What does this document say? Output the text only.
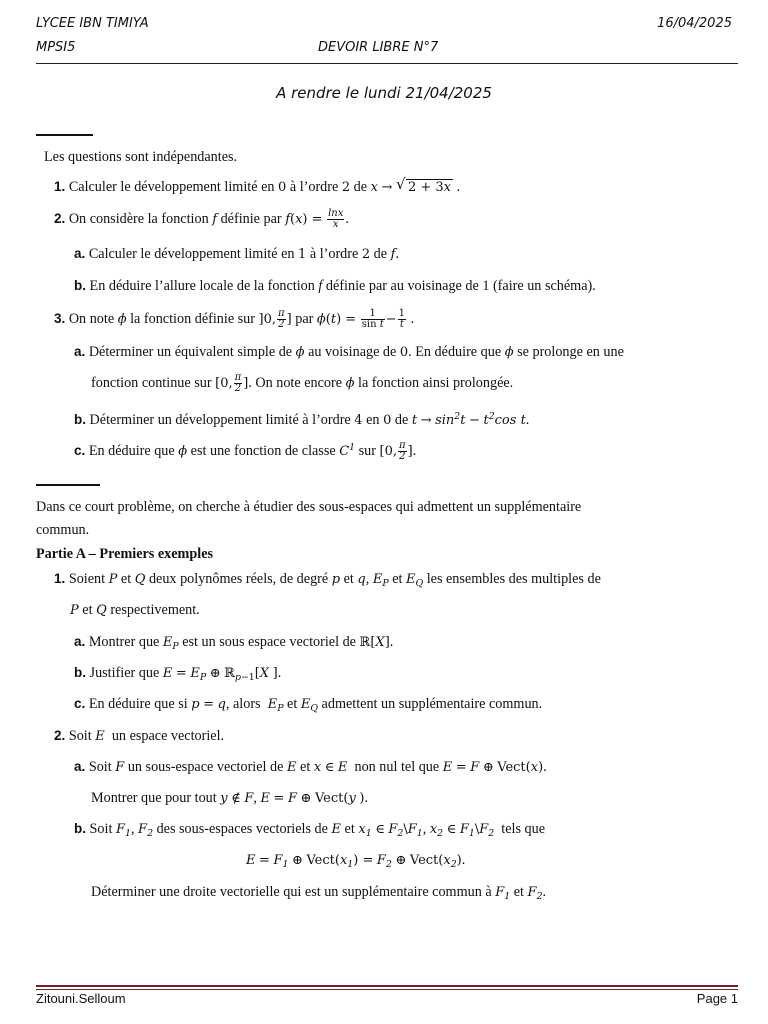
LYCEE IBN TIMIYA	16/04/2025
MPSI5	DEVOIR LIBRE N°7
A rendre le lundi 21/04/2025
Les questions sont indépendantes.
1. Calculer le développement limité en 0 à l’ordre 2 de x → √ 2 + 3x .
2. On considère la fonction f définie par $f(x) = \frac{\ln x}{x}$ .
a. Calculer le développement limité en 1 à l’ordre 2 de f.
b. En déduire l’allure locale de la fonction f définie par au voisinage de 1 (faire un schéma).
3. On note ϕ la fonction définie sur ]0, $\frac{\pi}{2}$ ] par $\phi(t) = \frac{1}{\text{sin t}} - \frac{1}{t}$ .
a. Déterminer un équivalent simple de ϕ au voisinage de 0. En déduire que ϕ se prolonge en une
fonction continue sur [0, $\frac{\pi}{2}$ ]. On note encore ϕ la fonction ainsi prolongée.
b. Déterminer un développement limité à l’ordre 4 en 0 de $t \to \sin^2t - t^2\cos$ t.
c. En déduire que ϕ est une fonction de classe $C^1$ sur [0, $\frac{\pi}{2}$ ].
Dans ce court problème, on cherche à étudier des sous-espaces qui admettent un supplémentaire
commun.
Partie A – Premiers exemples
1. Soient P et Q deux polynômes réels, de degré p et q, $E_P$ et $E_Q$ les ensembles des multiples de
P et Q respectivement.
a. Montrer que $E_P$ est un sous espace vectoriel de ℝ[X].
b. Justifier que $E = E_P$ ⊕ ℝ$_{p-1}$[X ].
c. En déduire que si p = q, alors  $E_P$ et $E_Q$ admettent un supplémentaire commun.
2. Soit E  un espace vectoriel.
a. Soit F un sous-espace vectoriel de E et x ∈ E  non nul tel que E = F ⊕ Vect(x).
Montrer que pour tout y ∉ F, E = F ⊕ Vect(y ).
b. Soit $F_1$, $F_2$ des sous-espaces vectoriels de E et $x_1$ ∈ $F_2\backslash F_1$, $x_2$ ∈ $F_1\backslash F_2$  tels que
$E = F_1$ ⊕ $Vect(x_1) = F_2$ ⊕ $Vect(x_2)$.
Déterminer une droite vectorielle qui est un supplémentaire commun à $F_1$ et $F_2$.
Zitouni.Selloum	Page 1
